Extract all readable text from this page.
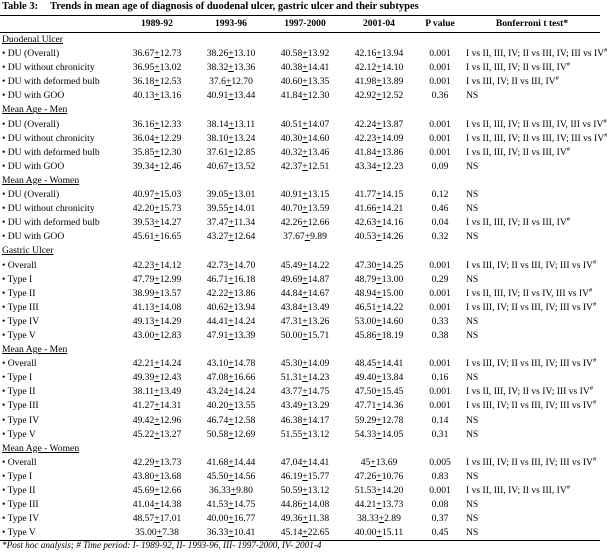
Table 3: Trends in mean age of diagnosis of duodenal ulcer, gastric ulcer and their subtypes
	1989-92	1993-96	1997-2000	2001-04	P value	Bonferroni t test*
Duodenal Ulcer						
• DU (Overall)	36.67+12.73	38.26+13.10	40.58+13.92	42.16+13.94	0.001	I vs II, III, IV; II vs III, IV; III vs IV
• DU without chronicity	36.95+13.02	38.32+13.36	40.38+14.41	42.12+14.10	0.001	I vs II, III, IV; II vs III, IV#
• DU with deformed bulb	36.18+12.53	37.6+12.70	40.60+13.35	41.98+13.89	0.001	I vs III, IV; II vs III, IV#
• DU with GOO	40.13+13.16	40.91+13.44	41.84+12.30	42.92+12.52	0.36	NS
Mean Age - Men						
• DU (Overall)	36.16+12.33	38.14+13.11	40.51+14.07	42.24+13.87	0.001	I vs II, III, IV; II vs III, IV, III vs IV#
• DU without chronicity	36.04+12.29	38.10+13.24	40.30+14.60	42.23+14.09	0.001	I vs II, III, IV; II vs III, IV; III vs IV
• DU with deformed bulb	35.85+12.30	37.61+12.85	40.32+13.46	41.84+13.86	0.001	I vs II, III, IV; II vs III, IV#
• DU with GOO	39.34+12.46	40.67+13.52	42.37+12.51	43.34+12.23	0.09	NS
Mean Age - Women						
• DU (Overall)	40.97+15.03	39.05+13.01	40.91+13.15	41.77+14.15	0.12	NS
• DU without chronicity	42.20+15.73	39.55+14.01	40.70+13.59	41.66+14.21	0.46	NS
• DU with deformed bulb	39.53+14.27	37.47+11.34	42.26+12.66	42.63+14.16	0.04	I vs II, III, IV; II vs III, IV#
• DU with GOO	45.61+16.65	43.27+12.64	37.67+9.89	40.53+14.26	0.32	NS
Gastric Ulcer						
• Overall	42.23+14.12	42.73+14.70	45.49+14.22	47.30+14.25	0.001	I vs III, IV; II vs III, IV; III vs IV#
• Type I	47.79+12.99	46.71+16.18	49.69+14.87	48.79+13.00	0.29	NS
• Type II	38.99+13.57	42.22+13.86	44.84+14.67	48.94+15.00	0.001	I vs II, III, IV; II vs IV, III vs IV#
• Type III	41.13+14.08	40.62+13.94	43.84+13.49	46.51+14.22	0.001	I vs III, IV; II vs III, IV; III vs IV#
• Type IV	49.13+14.29	44.41+14.24	47.31+13.26	53.00+14.60	0.33	NS
• Type V	43.00+12.83	47.91+13.39	50.00+15.71	45.86+18.19	0.38	NS
Mean Age - Men						
• Overall	42.21+14.24	43.10+14.78	45.30+14.09	48.45+14.41	0.001	I vs III, IV; II vs III, IV; III vs IV#
• Type I	49.39+12.43	47.08+16.66	51.31+14.23	49.40+13.84	0.16	NS
• Type II	38.11+13.49	43.24+14.24	43.77+14.75	47.50+15.45	0.001	I vs II, III, IV; II vs IV; III vs IV#
• Type III	41.27+14.31	40.20+13.55	43.49+13.29	47.71+14.36	0.001	I vs III, IV; II vs III, IV; III vs IV#
• Type IV	49.42+12.96	46.74+12.58	46.38+14.17	59.29+12.78	0.14	NS
• Type V	45.22+13.27	50.58+12.69	51.55+13.12	54.33+14.05	0.31	NS
Mean Age - Women						
• Overall	42.29+13.73	41.68+14.44	47.04+14.41	45+13.69	0.005	I vs III, IV; II vs III, IV; III vs IV#
• Type I	43.80+13.68	45.50+14.56	46.19+15.77	47.26+10.76	0.83	NS
• Type II	45.69+12.66	36.33+9.80	50.59+13.12	51.53+14.20	0.001	I vs II, III, IV; II vs III, IV#
• Type III	41.04+14.38	41.53+14.75	44.86+14.08	44.21+13.73	0.08	NS
• Type IV	48.57+17.01	40.00+16.77	49.36+11.38	38.33+2.89	0.37	NS
• Type V	35.00+7.38	36.33+10.41	45.14+22.65	40.00+15.11	0.45	NS
*Post hoc analysis; # Time period: I- 1989-92, II- 1993-96, III- 1997-2000, IV- 2001-4
